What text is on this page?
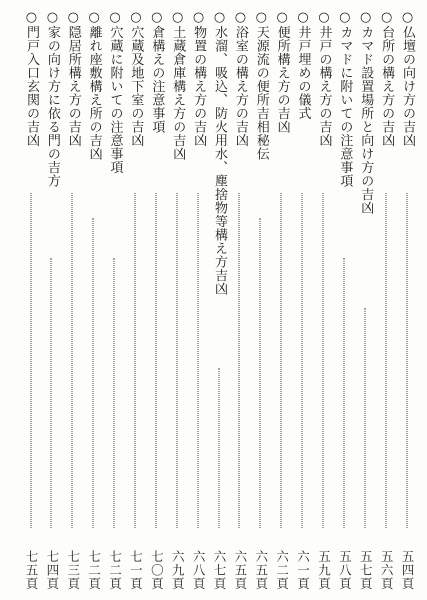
○仏壇の向け方の吉凶
五四頁
○台所の構え方の吉凶
五六頁
○カマド設置場所と向け方の吉凶
五七頁
○カマドに附いての注意事項
五八頁
○井戸の構え方の吉凶
五九頁
○井戸埋めの儀式
六一頁
○便所構え方の吉凶
六二頁
○天源流の便所吉相秘伝
六五頁
○浴室の構え方の吉凶
六五頁
○水溜、吸込、防火用水、塵捨物等構え方吉凶
六七頁
○物置の構え方の吉凶
六八頁
○土蔵倉庫構え方の吉凶
六九頁
○倉構えの注意事項
七〇頁
○穴蔵及地下室の吉凶
七一頁
○穴蔵に附いての注意事項
七二頁
○離れ座敷構え所の吉凶
七二頁
○隠居所構え方の吉凶
七三頁
○家の向け方に依る門の吉方
七四頁
○門戸入口玄関の吉凶
七五頁
